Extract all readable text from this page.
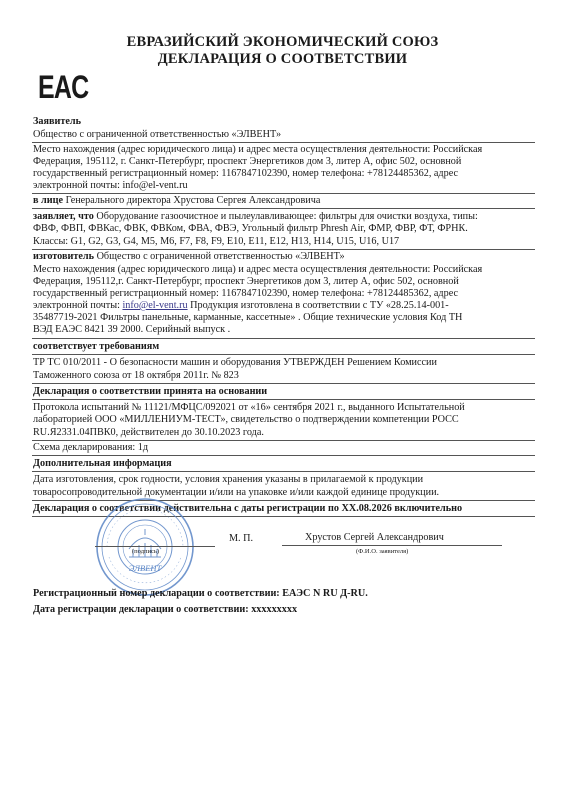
ЕВРАЗИЙСКИЙ ЭКОНОМИЧЕСКИЙ СОЮЗ
ДЕКЛАРАЦИЯ О СООТВЕТСТВИИ
EAC
Заявитель
Общество с ограниченной ответственностью «ЭЛВЕНТ»
Место нахождения (адрес юридического лица) и адрес места осуществления деятельности: Российская
Федерация, 195112, г. Санкт-Петербург, проспект Энергетиков дом 3, литер А, офис 502, основной
государственный регистрационный номер: 1167847102390, номер телефона: +78124485362, адрес
электронной почты: info@el-vent.ru
в лице Генерального директора Хрустова Сергея Александровича
заявляет, что Оборудование газоочистное и пылеулавливающее: фильтры для очистки воздуха, типы:
ФВФ, ФВП, ФВКас, ФВК, ФВКом, ФВА, ФВЭ, Угольный фильтр Phresh Air, ФМР, ФВР, ФТ, ФРНК.
Классы: G1, G2, G3, G4, M5, M6, F7, F8, F9, E10, E11, E12, H13, H14, U15, U16, U17
изготовитель Общество с ограниченной ответственностью «ЭЛВЕНТ»
Место нахождения (адрес юридического лица) и адрес места осуществления деятельности: Российская
Федерация, 195112,г. Санкт-Петербург, проспект Энергетиков дом 3, литер А, офис 502, основной
государственный регистрационный номер: 1167847102390, номер телефона: +78124485362, адрес
электронной почты: info@el-vent.ru Продукция изготовлена в соответствии с ТУ «28.25.14-001-
35487719-2021 Фильтры панельные, карманные, кассетные» . Общие технические условия Код ТН
ВЭД ЕАЭС 8421 39 2000. Серийный выпуск .
соответствует требованиям
ТР ТС 010/2011 - О безопасности машин и оборудования УТВЕРЖДЕН Решением Комиссии
Таможенного союза от 18 октября 2011г. № 823
Декларация о соответствии принята на основании
Протокола испытаний № 11121/МФЦС/092021 от «16» сентября 2021 г., выданного Испытательной
лабораторией ООО «МИЛЛЕНИУМ-ТЕСТ», свидетельство о подтверждении компетенции РОСС
RU.Я2331.04ПВК0, действителен до 30.10.2023 года.
Схема декларирования: 1д
Дополнительная информация
Дата изготовления, срок годности, условия хранения указаны в прилагаемой к продукции
товаросопроводительной документации и/или на упаковке и/или каждой единице продукции.
Декларация о соответствии действительна с даты регистрации по XX.08.2026 включительно
ЭЛВЕНТ
(подпись)
М. П.	Хрустов Сергей Александрович
(Ф.И.О. заявителя)
Регистрационный номер декларации о соответствии: ЕАЭС N RU Д-RU.
Дата регистрации декларации о соответствии: ххххххххх
